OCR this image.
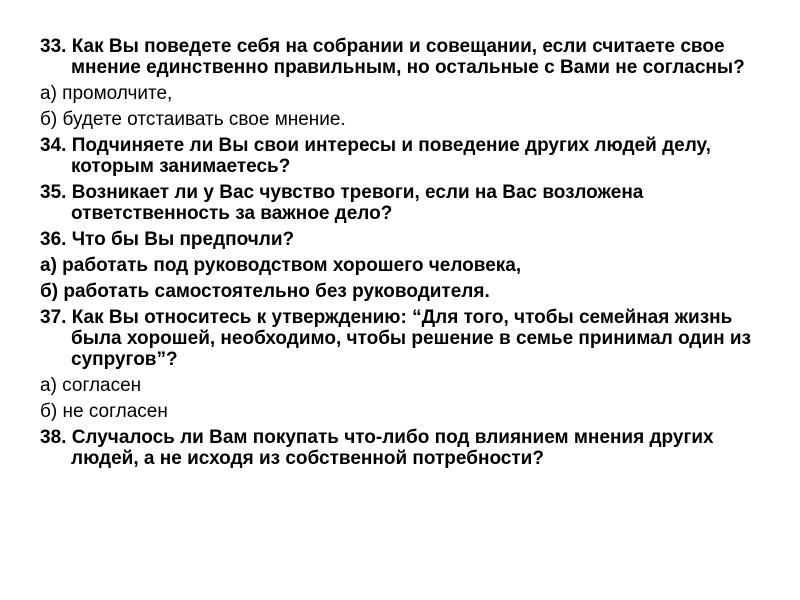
33. Как Вы поведете себя на собрании и совещании, если считаете свое мнение единственно правильным, но остальные с Вами не согласны?

а) промолчите,

б) будете отстаивать свое мнение.

34. Подчиняете ли Вы свои интересы и поведение других людей делу, которым занимаетесь?

35. Возникает ли у Вас чувство тревоги, если на Вас возложена ответственность за важное дело?

36. Что бы Вы предпочли?

а) работать под руководством хорошего человека,

б) работать самостоятельно без руководителя.

37. Как Вы относитесь к утверждению: “Для того, чтобы семейная жизнь была хорошей, необходимо, чтобы решение в семье принимал один из супругов”?

а) согласен

б) не согласен

38. Случалось ли Вам покупать что-либо под влиянием мнения других людей, а не исходя из собственной потребности?
